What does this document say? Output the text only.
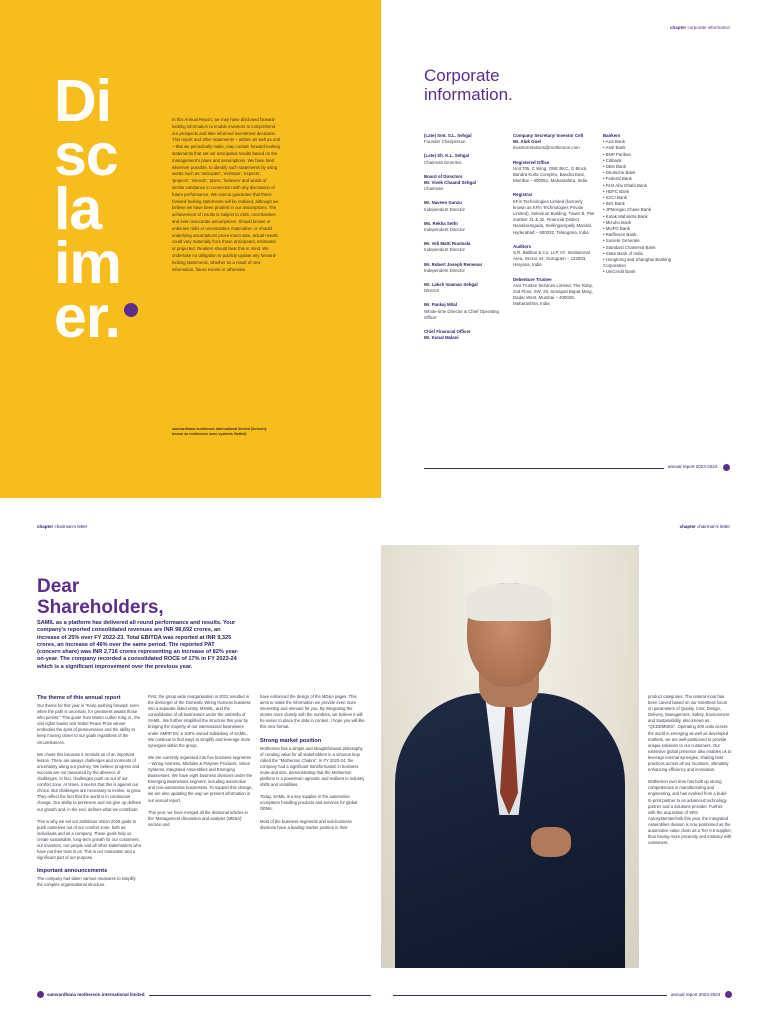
Di
sc
la
im
er.

In this Annual Report, we may have disclosed forward-looking information to enable investors to comprehend our prospects and take informed investment decisions. This report and other statements – written as well as oral – that we periodically make, may contain forward-looking statements that set out anticipated results based on the management's plans and assumptions. We have tried wherever possible, to identify such statements by using words such as 'anticipate', 'estimate', 'expects', 'projects', 'intends', 'plans', 'believes' and words of similar substance in connection with any discussion of future performance. We cannot guarantee that these forward-looking statements will be realised, although we believe we have been prudent in our assumptions. The achievement of results is subject to risks, uncertainties and even inaccurate assumptions. Should known or unknown risks or uncertainties materialise, or should underlying assumptions prove inaccurate, actual results could vary materially from those anticipated, estimated or projected. Readers should bear this in mind. We undertake no obligation to publicly update any forward-looking statements, whether as a result of new information, future events or otherwise.

samvardhana motherson international limited (formerly known as motherson sumi systems limited)

chapter corporate information
Corporate
information.
(Late) Smt. S.L. Sehgal
Founder Chairperson
(Late) Sh. K.L. Sehgal
Chairman Emeritus
Board of Directors
Mr. Vivek Chaand Sehgal
Chairman
Mr. Naveen Ganzu
Independent Director
Ms. Rekha Sethi
Independent Director
Mr. Veli Matti Ruotsala
Independent Director
Mr. Robert Joseph Remenar
Independent Director
Mr. Laksh Vaaman Sehgal
Director
Mr. Pankaj Mital
Whole-time Director & Chief Operating Officer
Chief Financial Officer
Mr. Kunal Malani
Company Secretary/ Investor Cell
Mr. Alok Goel
investorrelations@motherson.com
Registered Office
Unit 705, C Wing, ONE BKC, G Block, Bandra Kurla Complex, Bandra East, Mumbai – 400051, Maharashtra, India
Registrar
KFin Technologies Limited (formerly known as KFin Technologies Private Limited), Selenium Building, Tower B, Plot number 31 & 32, Financial District Nanakramguda, Serilingampally Mandal, Hyderabad – 500032, Telangana, India
Auditors
S.R. Batliboi & Co. LLP, 67, Institutional Area, Sector 44, Gurugram – 122003, Haryana, India
Debenture Trustee
Axis Trustee Services Limited, The Ruby, 2nd Floor, SW, 29, Senapati Bapat Marg, Dadar West, Mumbai – 400028, Maharashtra, India
Bankers
• Axis Bank
• ANZ Bank
• BNP Paribas
• Citibank
• DBS Bank
• Deutsche Bank
• Federal Bank
• First Abu Dhabi Bank
• HDFC Bank
• ICICI Bank
• ING Bank
• JPMorgan Chase Bank
• Kotak Mahindra Bank
• Mizuho Bank
• MUFG Bank
• Raiffeisen Bank
• Societe Generale
• Standard Chartered Bank
• State Bank of India
• Hongkong and Shanghai Banking Corporation
• UniCredit Bank
annual report 2023-2024
chapter chairman's letter	chapter chairman's letter
Dear
Shareholders,

SAMIL as a platform has delivered all round performance and results. Your company's reported consolidated revenues are INR 98,692 crores, an increase of 25% over FY 2022-23. Total EBITDA was reported at INR 9,325 crores, an increase of 46% over the same period. The reported PAT (concern share) was INR 2,716 crores representing an increase of 82% year-on-year. The company recorded a consolidated ROCE of 17% in FY 2023-24 which is a significant improvement over the previous year.

The theme of this annual report

Our theme for this year is "Keep pushing forward; even when the path is uncertain, for greatness awaits those who persist." This quote from Martin Luther King Jr., the civil rights leader and Nobel Peace Prize winner embodies the spirit of perseverance and the ability to keep moving closer to our goals regardless of the circumstances.

We chose this because it reminds us of an important lesson. There are always challenges and moments of uncertainty along our journey. We believe progress and success are not measured by the absence of challenges. In fact, challenges push us out of our comfort zone. At times, it seems that this is against our choice. But challenges are necessary to evolve, to grow. They reflect the fact that the world is in continuous change. Our ability to persevere and not give up defines our growth and, in the end, defines what we contribute.

This is why we set our ambitious Vision 2025 goals to push ourselves out of our comfort zone, both as individuals and as a company. These goals help us create sustainable, long-term growth for our customers, our investors, our people and all other stakeholders who have put their trust in us. This is our motivation and a significant part of our purpose.

Important announcements

The company has taken various measures to simplify the complex organisational structure.

First, the group wide reorganisation in 2022 resulted in the demerger of the Domestic Wiring Harness business into a separate listed entity, MSWIL, and the consolidation of all businesses under the umbrella of SAMIL. We further simplified the structure this year by bringing the majority of our international businesses under SMRP BV, a 100% owned subsidiary of SAMIL. We continue to find ways to simplify and leverage more synergies within the group.

We are currently organised into five business segments – Wiring Harness, Modules & Polymer Products, Vision Systems, Integrated Assemblies and Emerging Businesses. We have eight business divisions under the Emerging Businesses segment, including automotive and non-automotive businesses. To support this change, we are also updating the way we present information in our annual report.

This year, we have merged all the divisional articles in the 'Management discussion and analysis (MD&A)' section and

have enhanced the design of the MD&A pages. This aims to make the information we provide even more interesting and relevant for you. By integrating the stories more closely with the numbers, we believe it will be easier to place the data in context. I hope you will like this new format.

Strong market position

Motherson has a simple and straightforward philosophy of creating value for all stakeholders in a virtuous loop called the "Motherson Chakra". In FY 2023-24, the company had a significant transformation in business scale and size, demonstrating that the Motherson platform is a powertrain agnostic and resilient to industry shifts and volatilities.

Today, SAMIL is a key supplier in the automotive ecosystem handling products and services for global OEMs.

Most of the business segments and sub-business divisions have a leading market position in their

product categories. The natural moat has been carved based on our relentless focus on parameters of Quality, Cost, Design, Delivery, Management, Safety, Environment and Sustainability, also known as "QCDDMSES". Operating 400 units across the world in emerging as well as developed markets, we are well-positioned to provide unique solutions to our customers. Our extensive global presence also enables us to leverage internal synergies, sharing best practices across all our locations, ultimately enhancing efficiency and innovation.

Motherson over time has built up strong competencies in manufacturing and engineering, and has evolved from a build-to-print partner to an advanced technology partner and a solutions provider. Further, with the acquisition of SRS Autosystemtechnik this year, the Integrated Assemblies division is now positioned as the automotive value chain as a Tier 0.5 supplier, thus having more proximity and intimacy with customers.

samvardhana motherson international limited	annual report 2023-2024
